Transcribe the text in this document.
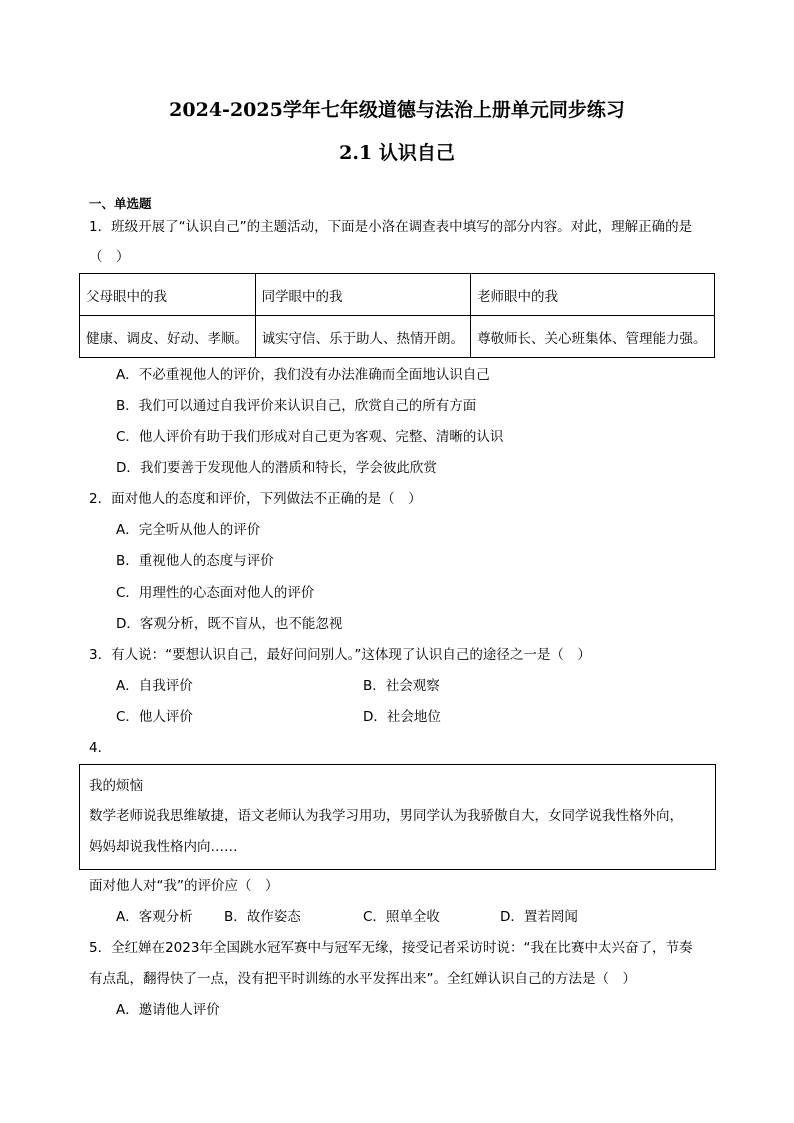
2024-2025学年七年级道德与法治上册单元同步练习
2.1 认识自己
一、单选题
1．班级开展了“认识自己”的主题活动，下面是小洛在调查表中填写的部分内容。对此，理解正确的是
（　）
父母眼中的我	同学眼中的我	老师眼中的我
健康、调皮、好动、孝顺。	诚实守信、乐于助人、热情开朗。	尊敬师长、关心班集体、管理能力强。
A．不必重视他人的评价，我们没有办法准确而全面地认识自己
B．我们可以通过自我评价来认识自己，欣赏自己的所有方面
C．他人评价有助于我们形成对自己更为客观、完整、清晰的认识
D．我们要善于发现他人的潜质和特长，学会彼此欣赏
2．面对他人的态度和评价，下列做法不正确的是（　）
A．完全听从他人的评价
B．重视他人的态度与评价
C．用理性的心态面对他人的评价
D．客观分析，既不盲从，也不能忽视
3．有人说：“要想认识自己，最好问问别人。”这体现了认识自己的途径之一是（　）
A．自我评价	B．社会观察
C．他人评价	D．社会地位
4．
我的烦恼
数学老师说我思维敏捷，语文老师认为我学习用功，男同学认为我骄傲自大，女同学说我性格外向，
妈妈却说我性格内向……
面对他人对“我”的评价应（　）
A．客观分析 B．故作姿态	C．照单全收	D．置若罔闻
5．全红婵在2023年全国跳水冠军赛中与冠军无缘，接受记者采访时说：“我在比赛中太兴奋了，节奏
有点乱，翻得快了一点，没有把平时训练的水平发挥出来”。全红婵认识自己的方法是（　）
A．邀请他人评价
